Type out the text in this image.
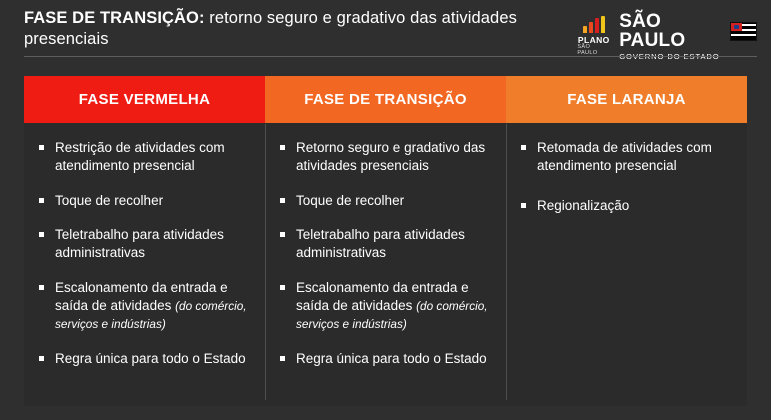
FASE DE TRANSIÇÃO: retorno seguro e gradativo das atividades presenciais	PLANO
SÃO PAULO
SÃO PAULO
FASE VERMELHA
Restrição de atividades com atendimento presencial
Toque de recolher
Teletrabalho para atividades administrativas
Escalonamento da entrada e saída de atividades (do comércio, serviços e indústrias)
Regra única para todo o Estado
FASE DE TRANSIÇÃO
Retorno seguro e gradativo das atividades presenciais
Toque de recolher
Teletrabalho para atividades administrativas
Escalonamento da entrada e saída de atividades (do comércio, serviços e indústrias)
Regra única para todo o Estado
FASE LARANJA
Retomada de atividades com atendimento presencial
Regionalização
